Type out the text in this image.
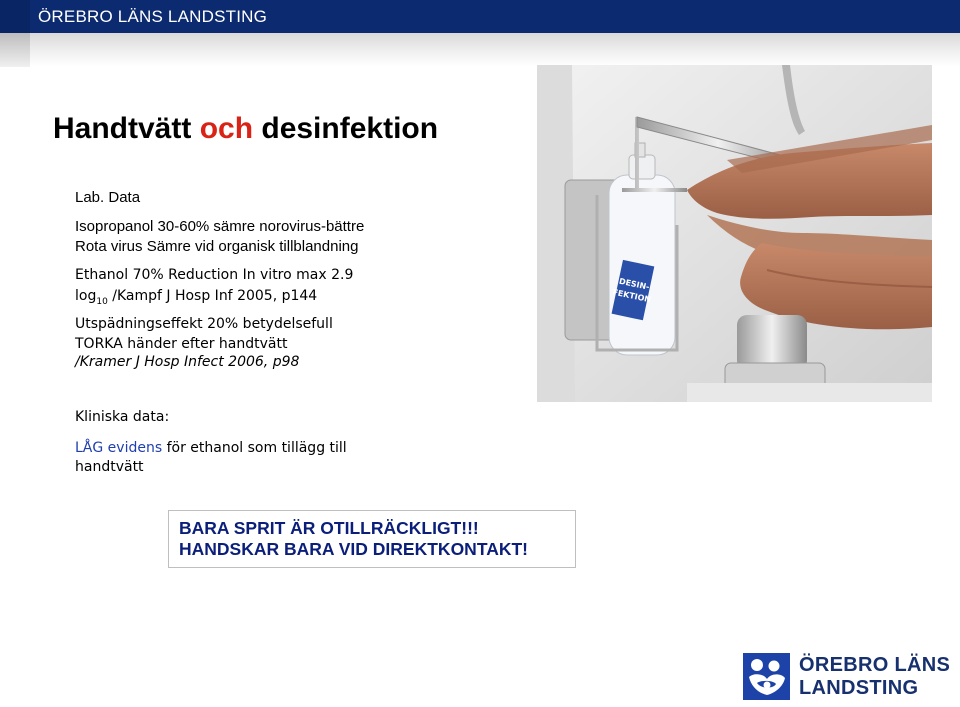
ÖREBRO LÄNS LANDSTING
Handtvätt och desinfektion
Lab. Data
Isopropanol 30-60% sämre norovirus-bättre
Rota virus Sämre vid organisk tillblandning
Ethanol 70% Reduction In vitro max 2.9
$\log_{10}$ /Kampf J Hosp Inf 2005, p144
Utspädningseffekt 20% betydelsefull
TORKA händer efter handtvätt
/Kramer J Hosp Infect 2006, p98
Kliniska data:
LÅG evidens för ethanol som tillägg till
handtvätt
BARA SPRIT ÄR OTILLRÄCKLIGT!!!
HANDSKAR BARA VID DIREKTKONTAKT!
DESIN-
FEKTION
ÖREBRO LÄNS
LANDSTING
